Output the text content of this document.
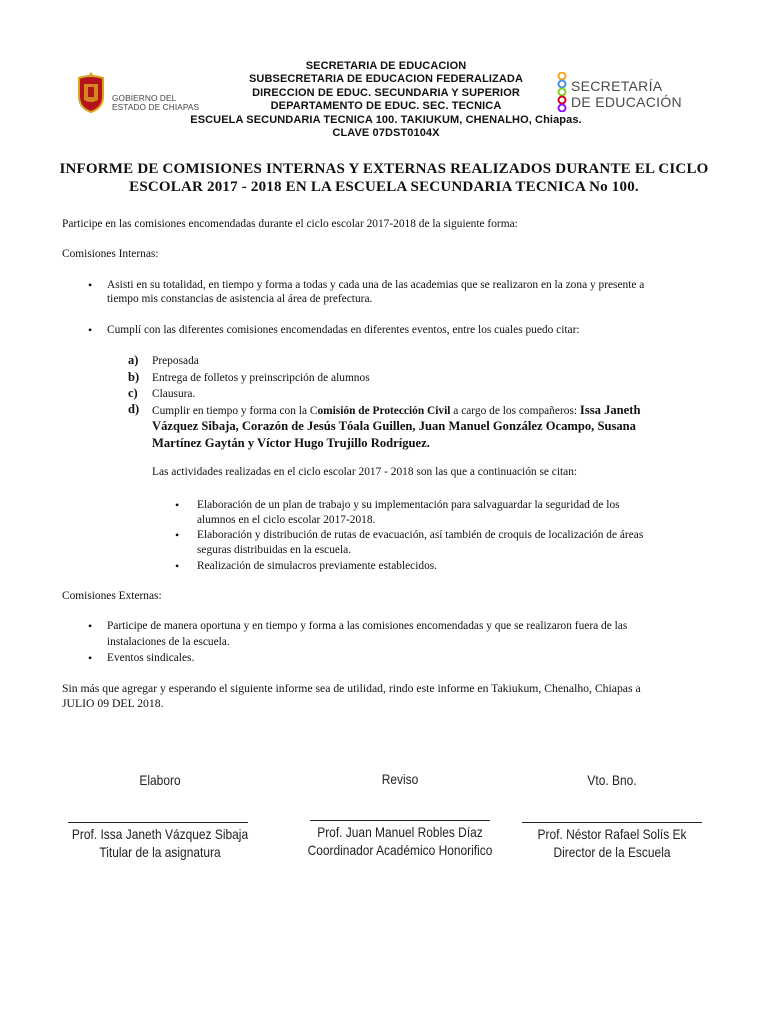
GOBIERNO DEL
ESTADO DE CHIAPAS
SECRETARIA DE EDUCACION
SUBSECRETARIA DE EDUCACION FEDERALIZADA
DIRECCION DE EDUC. SECUNDARIA Y SUPERIOR
DEPARTAMENTO DE EDUC. SEC. TECNICA
ESCUELA SECUNDARIA TECNICA 100. TAKIUKUM, CHENALHO, Chiapas.
CLAVE 07DST0104X
SECRETARÍA
DE EDUCACIÓN
INFORME DE COMISIONES INTERNAS Y EXTERNAS REALIZADOS DURANTE EL CICLO
ESCOLAR 2017 - 2018 EN LA ESCUELA SECUNDARIA TECNICA No 100.
Participe en las comisiones encomendadas durante el ciclo escolar 2017-2018 de la siguiente forma:
Comisiones Internas:
• Asisti en su totalidad, en tiempo y forma a todas y cada una de las academias que se realizaron en la zona y presente a
tiempo mis constancias de asistencia al área de prefectura.
• Cumplí con las diferentes comisiones encomendadas en diferentes eventos, entre los cuales puedo citar:
a) Preposada
b) Entrega de folletos y preinscripción de alumnos
c) Clausura.
d) Cumplir en tiempo y forma con la Comisión de Protección Civil a cargo de los compañeros: Issa Janeth
Vázquez Sibaja, Corazón de Jesús Tóala Guillen, Juan Manuel González Ocampo, Susana
Martínez Gaytán y Víctor Hugo Trujillo Rodríguez.
Las actividades realizadas en el ciclo escolar 2017 - 2018 son las que a continuación se citan:
• Elaboración de un plan de trabajo y su implementación para salvaguardar la seguridad de los
alumnos en el ciclo escolar 2017-2018.
• Elaboración y distribución de rutas de evacuación, así también de croquis de localización de áreas
seguras distribuidas en la escuela.
• Realización de simulacros previamente establecidos.
Comisiones Externas:
• Participe de manera oportuna y en tiempo y forma a las comisiones encomendadas y que se realizaron fuera de las
instalaciones de la escuela.
• Eventos sindicales.
Sin más que agregar y esperando el siguiente informe sea de utilidad, rindo este informe en Takiukum, Chenalho, Chiapas a
JULIO 09 DEL 2018.
Elaboro
Prof. Issa Janeth Vázquez Sibaja
Titular de la asignatura
Reviso
Prof. Juan Manuel Robles Díaz
Coordinador Académico Honorifico
Vto. Bno.
Prof. Néstor Rafael Solís Ek
Director de la Escuela
